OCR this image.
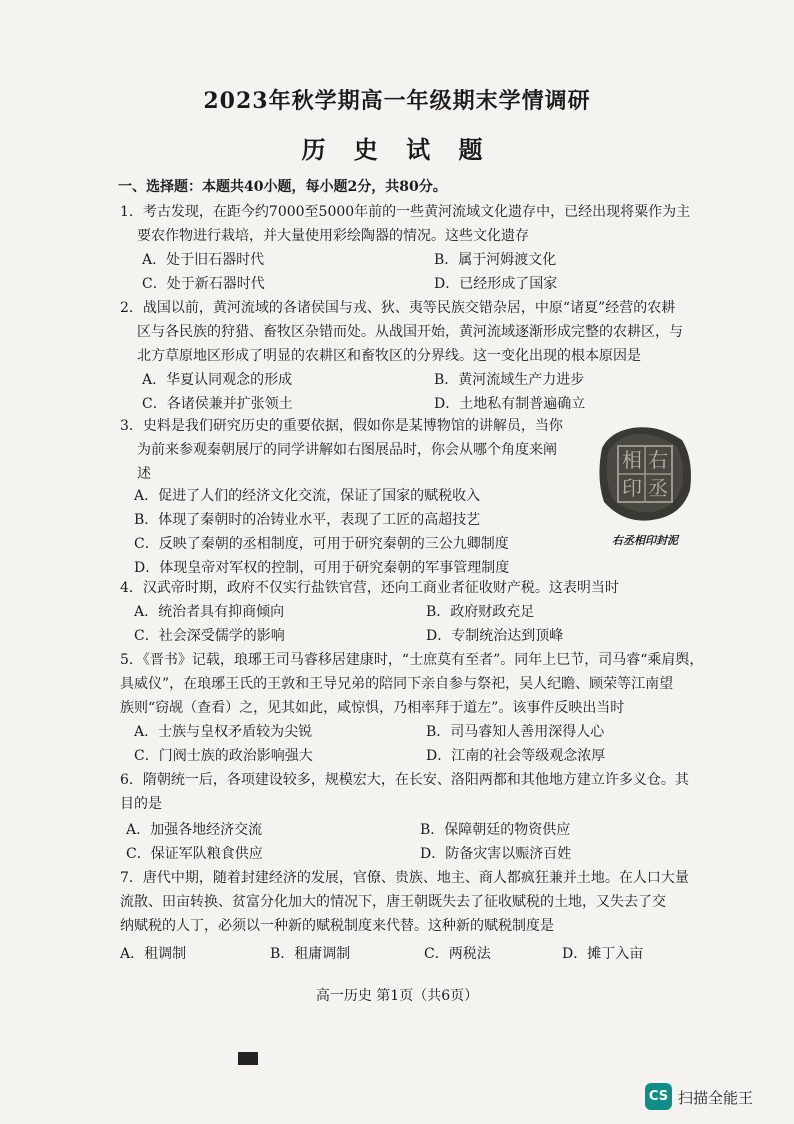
2023年秋学期高一年级期末学情调研
历 史 试 题
一、选择题：本题共40小题，每小题2分，共80分。
1．考古发现，在距今约7000至5000年前的一些黄河流域文化遗存中，已经出现将粟作为主
要农作物进行栽培，并大量使用彩绘陶器的情况。这些文化遗存
A．处于旧石器时代	B．属于河姆渡文化
C．处于新石器时代	D．已经形成了国家
2．战国以前，黄河流域的各诸侯国与戎、狄、夷等民族交错杂居，中原“诸夏”经营的农耕
区与各民族的狩猎、畜牧区杂错而处。从战国开始，黄河流域逐渐形成完整的农耕区，与
北方草原地区形成了明显的农耕区和畜牧区的分界线。这一变化出现的根本原因是
A．华夏认同观念的形成	B．黄河流域生产力进步
C．各诸侯兼并扩张领土	D．土地私有制普遍确立
3．史料是我们研究历史的重要依据，假如你是某博物馆的讲解员，当你
为前来参观秦朝展厅的同学讲解如右图展品时，你会从哪个角度来阐
述
A．促进了人们的经济文化交流，保证了国家的赋税收入
B．体现了秦朝时的冶铸业水平，表现了工匠的高超技艺
C．反映了秦朝的丞相制度，可用于研究秦朝的三公九卿制度
D．体现皇帝对军权的控制，可用于研究秦朝的军事管理制度
右
丞
相
印
右丞相印封泥
4．汉武帝时期，政府不仅实行盐铁官营，还向工商业者征收财产税。这表明当时
A．统治者具有抑商倾向	B．政府财政充足
C．社会深受儒学的影响	D．专制统治达到顶峰
5．《晋书》记载，琅琊王司马睿移居建康时，“士庶莫有至者”。同年上巳节，司马睿“乘肩舆，
具威仪”，在琅琊王氏的王敦和王导兄弟的陪同下亲自参与祭祀，吴人纪瞻、顾荣等江南望
族则“窃觇（查看）之，见其如此，咸惊惧，乃相率拜于道左”。该事件反映出当时
A．士族与皇权矛盾较为尖锐	B．司马睿知人善用深得人心
C．门阀士族的政治影响强大	D．江南的社会等级观念浓厚
6．隋朝统一后，各项建设较多，规模宏大，在长安、洛阳两都和其他地方建立许多义仓。其
目的是
A．加强各地经济交流	B．保障朝廷的物资供应
C．保证军队粮食供应	D．防备灾害以赈济百姓
7．唐代中期，随着封建经济的发展，官僚、贵族、地主、商人都疯狂兼并土地。在人口大量
流散、田亩转换、贫富分化加大的情况下，唐王朝既失去了征收赋税的土地，又失去了交
纳赋税的人丁，必须以一种新的赋税制度来代替。这种新的赋税制度是
A．租调制	B．租庸调制	C．两税法	D．摊丁入亩
高一历史 第1页（共6页）
CS 扫描全能王
